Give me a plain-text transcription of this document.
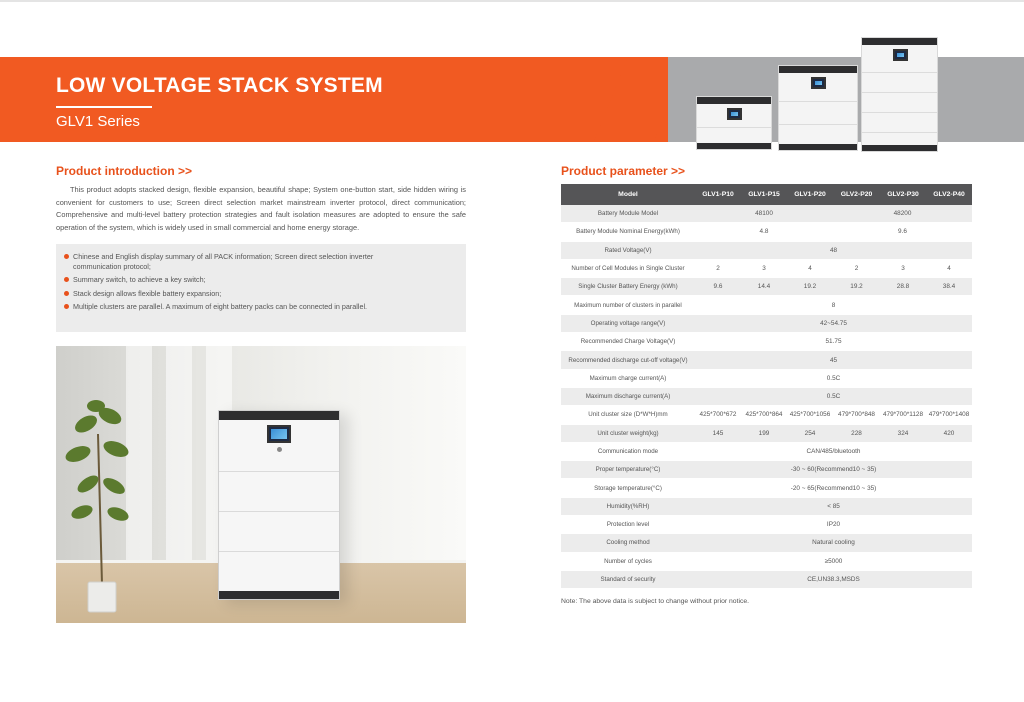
LOW VOLTAGE STACK SYSTEM
GLV1 Series
Product introduction >>
This product adopts stacked design, flexible expansion, beautiful shape; System one-button start, side hidden wiring is convenient for customers to use; Screen direct selection market mainstream inverter protocol, direct communication; Comprehensive and multi-level battery protection strategies and fault isolation measures are adopted to ensure the safe operation of the system, which is widely used in small commercial and home energy storage.
Chinese and English display summary of all PACK information; Screen direct selection inverter communication protocol;
Summary switch, to achieve a key switch;
Stack design allows flexible battery expansion;
Multiple clusters are parallel. A maximum of eight battery packs can be connected in parallel.
Product parameter >>
Model	GLV1-P10	GLV1-P15	GLV1-P20	GLV2-P20	GLV2-P30	GLV2-P40
Battery Module Model	48100			48200		
Battery Module Nominal Energy(kWh)	4.8			9.6		
Rated Voltage(V)	48					
Number of Cell Modules in Single Cluster	2	3	4	2	3	4
Single Cluster Battery Energy (kWh)	9.6	14.4	19.2	19.2	28.8	38.4
Maximum number of clusters in parallel	8					
Operating voltage range(V)	42~54.75					
Recommended Charge Voltage(V)	51.75					
Recommended discharge cut-off voltage(V)	45					
Maximum charge current(A)	0.5C					
Maximum discharge current(A)	0.5C					
Unit cluster size (D*W*H)mm	425*700*672	425*700*864	425*700*1056	479*700*848	479*700*1128	479*700*1408
Unit cluster weight(kg)	145	199	254	228	324	420
Communication mode	CAN/485/bluetooth					
Proper temperature(°C)	-30 ~ 60(Recommend10 ~ 35)					
Storage temperature(°C)	-20 ~ 65(Recommend10 ~ 35)					
Humidity(%RH)	< 85					
Protection level	IP20					
Cooling method	Natural cooling					
Number of cycles	≥5000					
Standard of security	CE,UN38.3,MSDS					
Note: The above data is subject to change without prior notice.
